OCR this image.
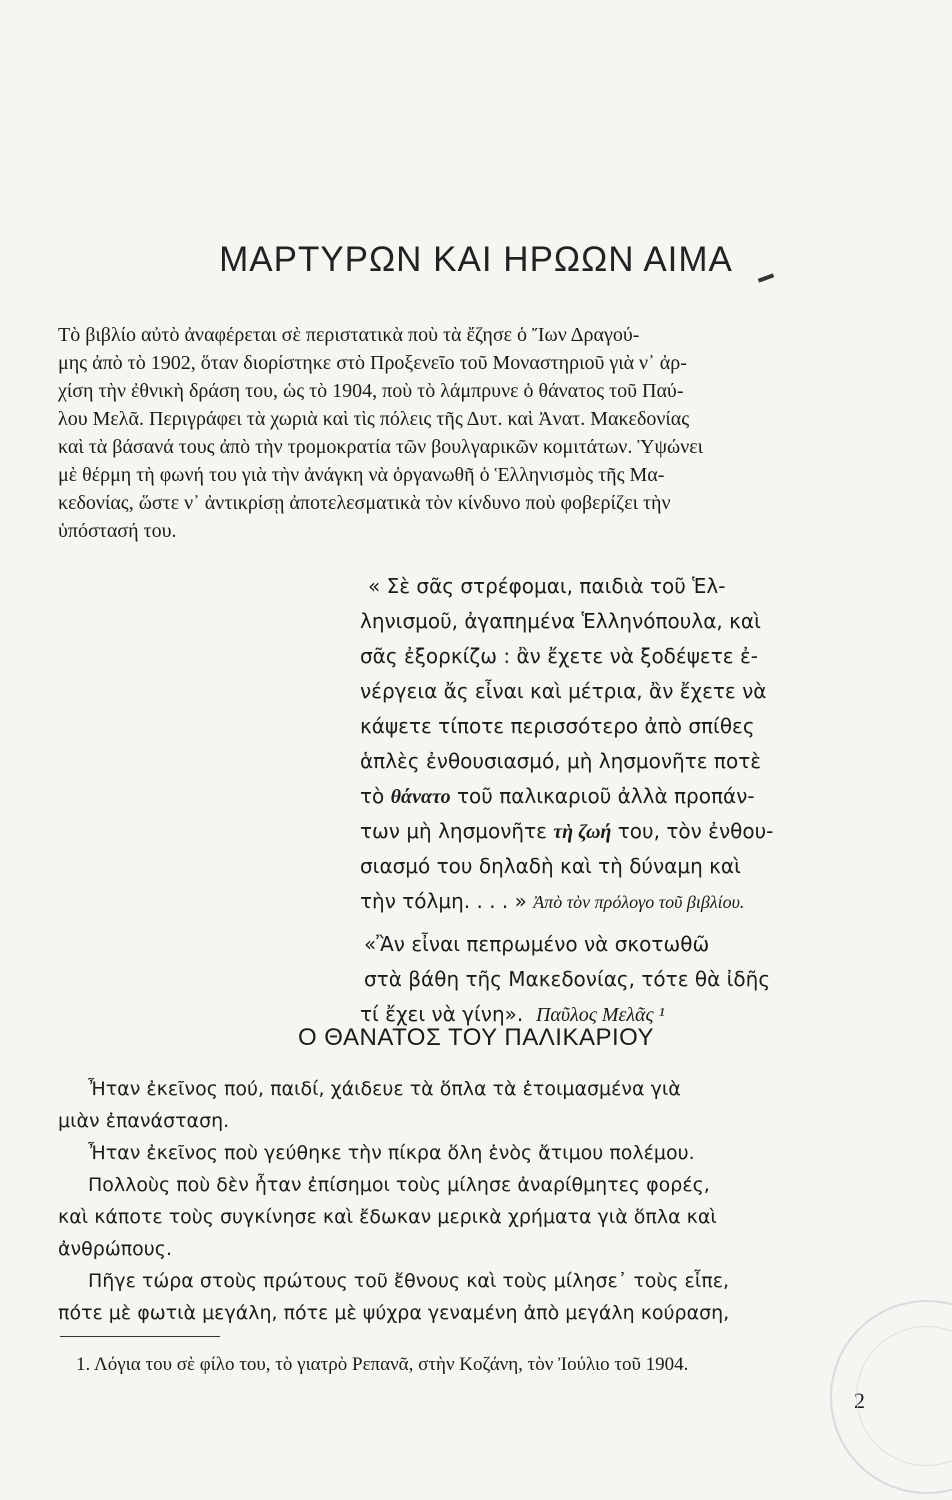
ΜΑΡΤΥΡΩΝ ΚΑΙ ΗΡΩΩΝ ΑΙΜΑ
Τὸ βιβλίο αὐτὸ ἀναφέρεται σὲ περιστατικὰ ποὺ τὰ ἔζησε ὁ Ἴων Δραγού-
μης ἀπὸ τὸ 1902, ὅταν διορίστηκε στὸ Προξενεῖο τοῦ Μοναστηριοῦ γιὰ ν᾽ ἀρ-
χίση τὴν ἐθνικὴ δράση του, ὡς τὸ 1904, ποὺ τὸ λάμπρυνε ὁ θάνατος τοῦ Παύ-
λου Μελᾶ. Περιγράφει τὰ χωριὰ καὶ τὶς πόλεις τῆς Δυτ. καὶ Ἀνατ. Μακεδονίας
καὶ τὰ βάσανά τους ἀπὸ τὴν τρομοκρατία τῶν βουλγαρικῶν κομιτάτων. Ὑψώνει
μὲ θέρμη τὴ φωνή του γιὰ τὴν ἀνάγκη νὰ ὀργανωθῆ ὁ Ἑλληνισμὸς τῆς Μα-
κεδονίας, ὥστε ν᾽ ἀντικρίσῃ ἀποτελεσματικὰ τὸν κίνδυνο ποὺ φοβερίζει τὴν
ὑπόστασή του.
« Σὲ σᾶς στρέφομαι, παιδιὰ τοῦ Ἑλ-
ληνισμοῦ, ἀγαπημένα Ἑλληνόπουλα, καὶ
σᾶς ἐξορκίζω : ἂν ἔχετε νὰ ξοδέψετε ἐ-
νέργεια ἄς εἶναι καὶ μέτρια, ἂν ἔχετε νὰ
κάψετε τίποτε περισσότερο ἀπὸ σπίθες
ἁπλὲς ἐνθουσιασμό, μὴ λησμονῆτε ποτὲ
τὸ θάνατο τοῦ παλικαριοῦ ἀλλὰ προπάν-
των μὴ λησμονῆτε τὴ ζωή του, τὸν ἐνθου-
σιασμό του δηλαδὴ καὶ τὴ δύναμη καὶ
τὴν τόλμη. . . . » Ἀπὸ τὸν πρόλογο τοῦ βιβλίου.
«Ἂν εἶναι πεπρωμένο νὰ σκοτωθῶ
στὰ βάθη τῆς Μακεδονίας, τότε θὰ ἰδῆς
τί ἔχει νὰ γίνη». Παῦλος Μελᾶς ¹
Ο ΘΑΝΑΤΟΣ ΤΟΥ ΠΑΛΙΚΑΡΙΟΥ
Ἦταν ἐκεῖνος πού, παιδί, χάιδευε τὰ ὅπλα τὰ ἑτοιμασμένα γιὰ
μιὰν ἐπανάσταση.
Ἦταν ἐκεῖνος ποὺ γεύθηκε τὴν πίκρα ὅλη ἑνὸς ἄτιμου πολέμου.
Πολλοὺς ποὺ δὲν ἦταν ἐπίσημοι τοὺς μίλησε ἀναρίθμητες φορές,
καὶ κάποτε τοὺς συγκίνησε καὶ ἔδωκαν μερικὰ χρήματα γιὰ ὅπλα καὶ
ἀνθρώπους.
Πῆγε τώρα στοὺς πρώτους τοῦ ἔθνους καὶ τοὺς μίλησε᾽ τοὺς εἶπε,
πότε μὲ φωτιὰ μεγάλη, πότε μὲ ψύχρα γεναμένη ἀπὸ μεγάλη κούραση,
1. Λόγια του σὲ φίλο του, τὸ γιατρὸ Ρεπανᾶ, στὴν Κοζάνη, τὸν Ἰούλιο τοῦ 1904.
2
